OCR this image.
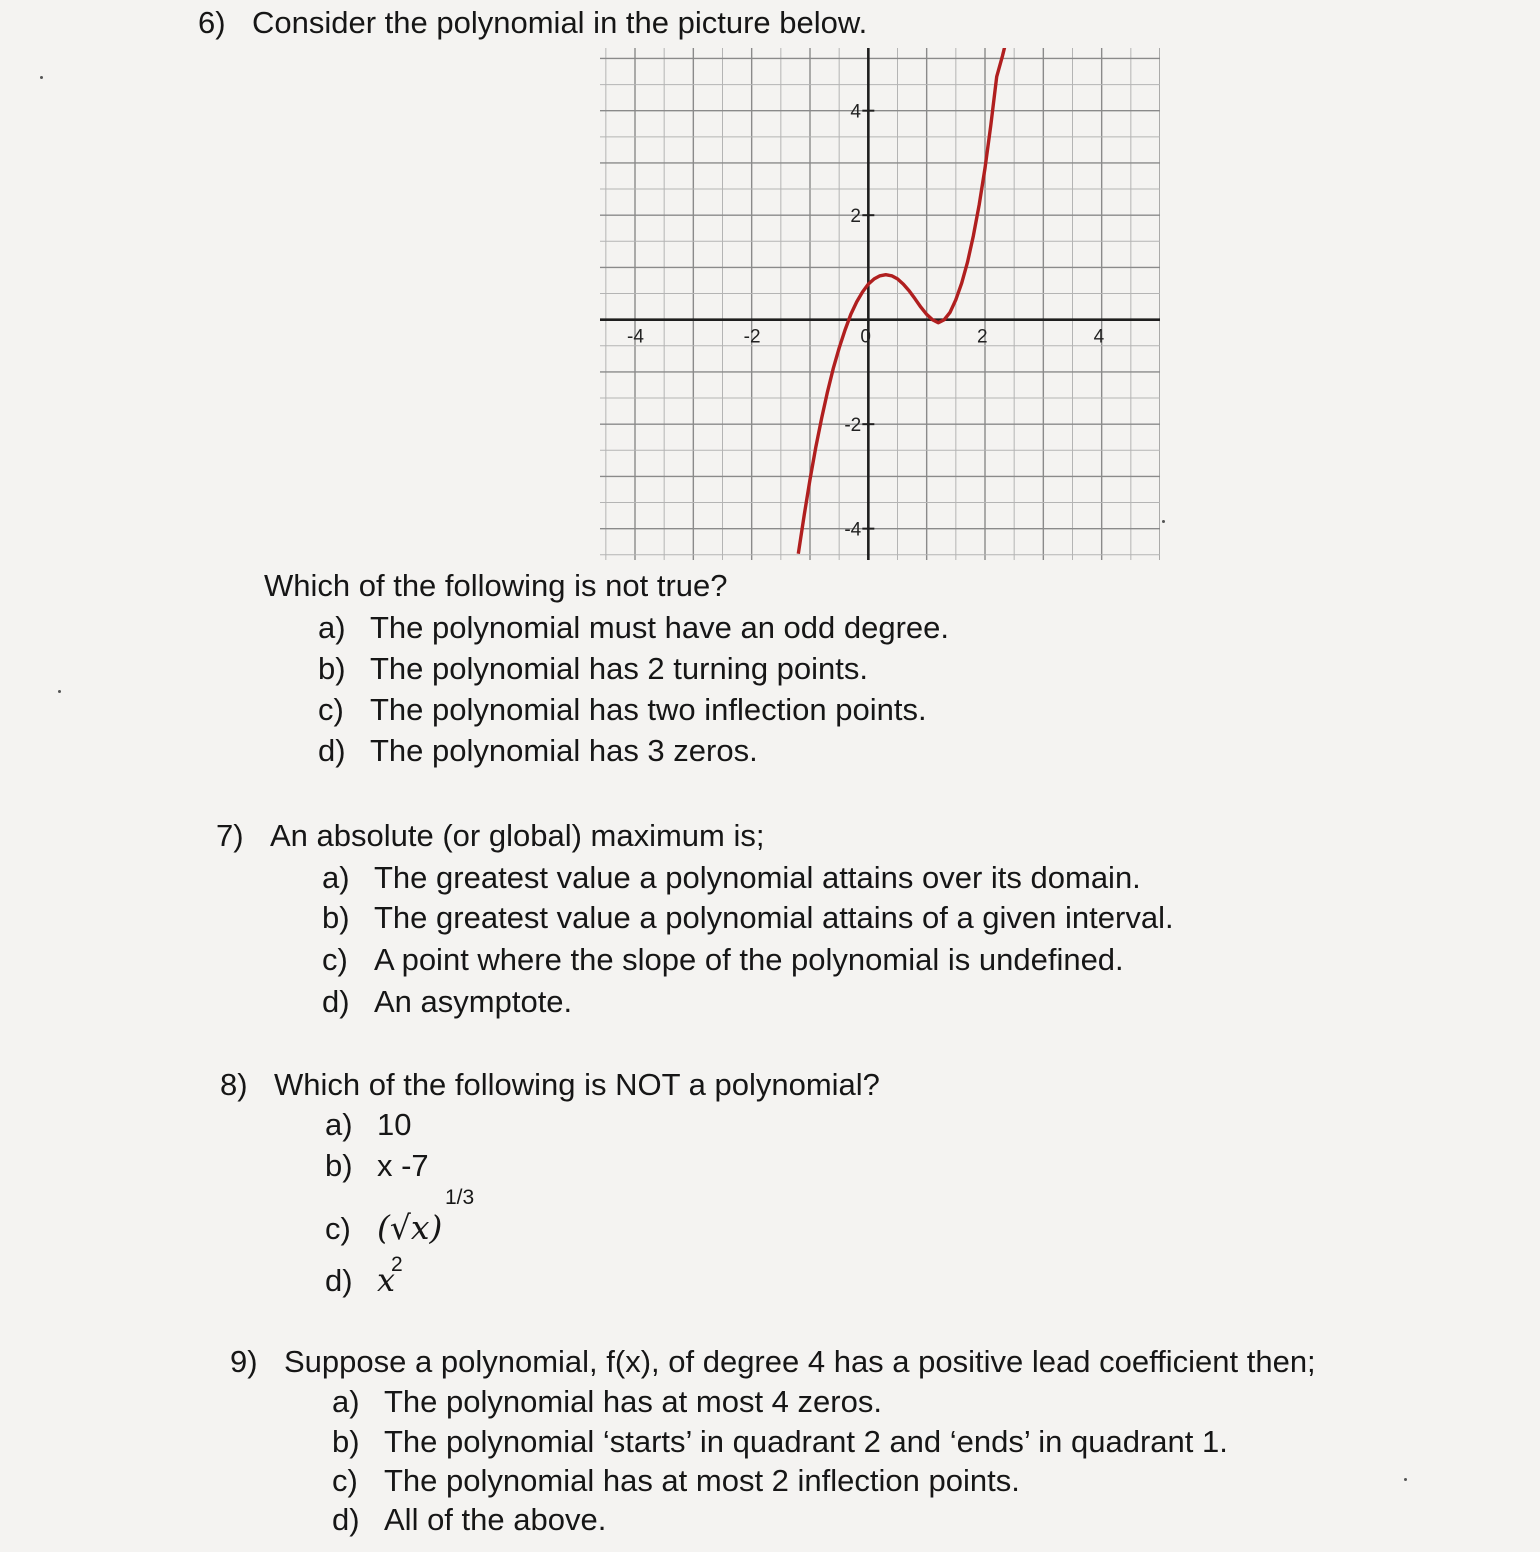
6) Consider the polynomial in the picture below.
-4	-2	0	2	4
4
2
-2
-4
Which of the following is not true?
a) The polynomial must have an odd degree.
b) The polynomial has 2 turning points.
c) The polynomial has two inflection points.
d) The polynomial has 3 zeros.
7) An absolute (or global) maximum is;
a) The greatest value a polynomial attains over its domain.
b) The greatest value a polynomial attains of a given interval.
c) A point where the slope of the polynomial is undefined.
d) An asymptote.
8) Which of the following is NOT a polynomial?
a) 10
b) x -7
c) (√x)
1/3
d) x
2
9) Suppose a polynomial, f(x), of degree 4 has a positive lead coefficient then;
a) The polynomial has at most 4 zeros.
b) The polynomial ‘starts’ in quadrant 2 and ‘ends’ in quadrant 1.
c) The polynomial has at most 2 inflection points.
d) All of the above.
